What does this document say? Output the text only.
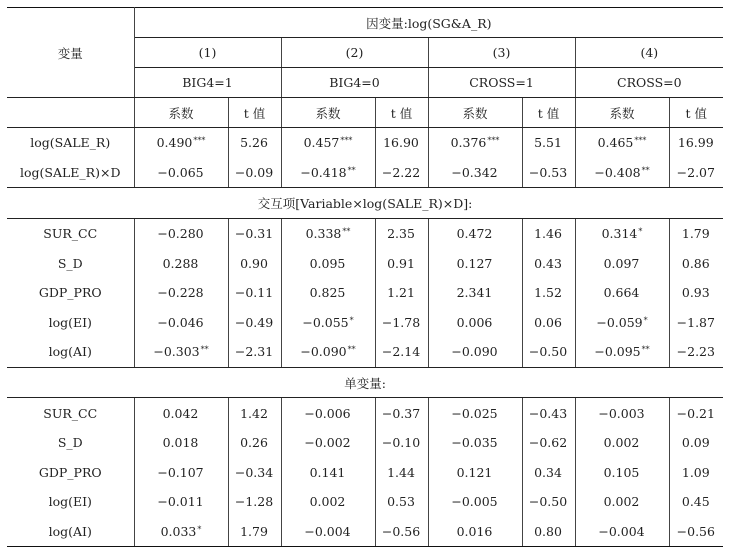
变量	因变量:log(SG&A_R)							
	(1)		(2)		(3)		(4)	
	BIG4=1		BIG4=0		CROSS=1		CROSS=0	
	系数	t 值	系数	t 值	系数	t 值	系数	t 值
log(SALE_R)	0.490***	5.26	0.457***	16.90	0.376***	5.51	0.465***	16.99
log(SALE_R)×D	−0.065	−0.09	−0.418**	−2.22	−0.342	−0.53	−0.408**	−2.07
交互项[Variable×log(SALE_R)×D]:								
SUR_CC	−0.280	−0.31	0.338**	2.35	0.472	1.46	0.314*	1.79
S_D	0.288	0.90	0.095	0.91	0.127	0.43	0.097	0.86
GDP_PRO	−0.228	−0.11	0.825	1.21	2.341	1.52	0.664	0.93
log(EI)	−0.046	−0.49	−0.055*	−1.78	0.006	0.06	−0.059*	−1.87
log(AI)	−0.303**	−2.31	−0.090**	−2.14	−0.090	−0.50	−0.095**	−2.23
单变量:								
SUR_CC	0.042	1.42	−0.006	−0.37	−0.025	−0.43	−0.003	−0.21
S_D	0.018	0.26	−0.002	−0.10	−0.035	−0.62	0.002	0.09
GDP_PRO	−0.107	−0.34	0.141	1.44	0.121	0.34	0.105	1.09
log(EI)	−0.011	−1.28	0.002	0.53	−0.005	−0.50	0.002	0.45
log(AI)	0.033*	1.79	−0.004	−0.56	0.016	0.80	−0.004	−0.56
